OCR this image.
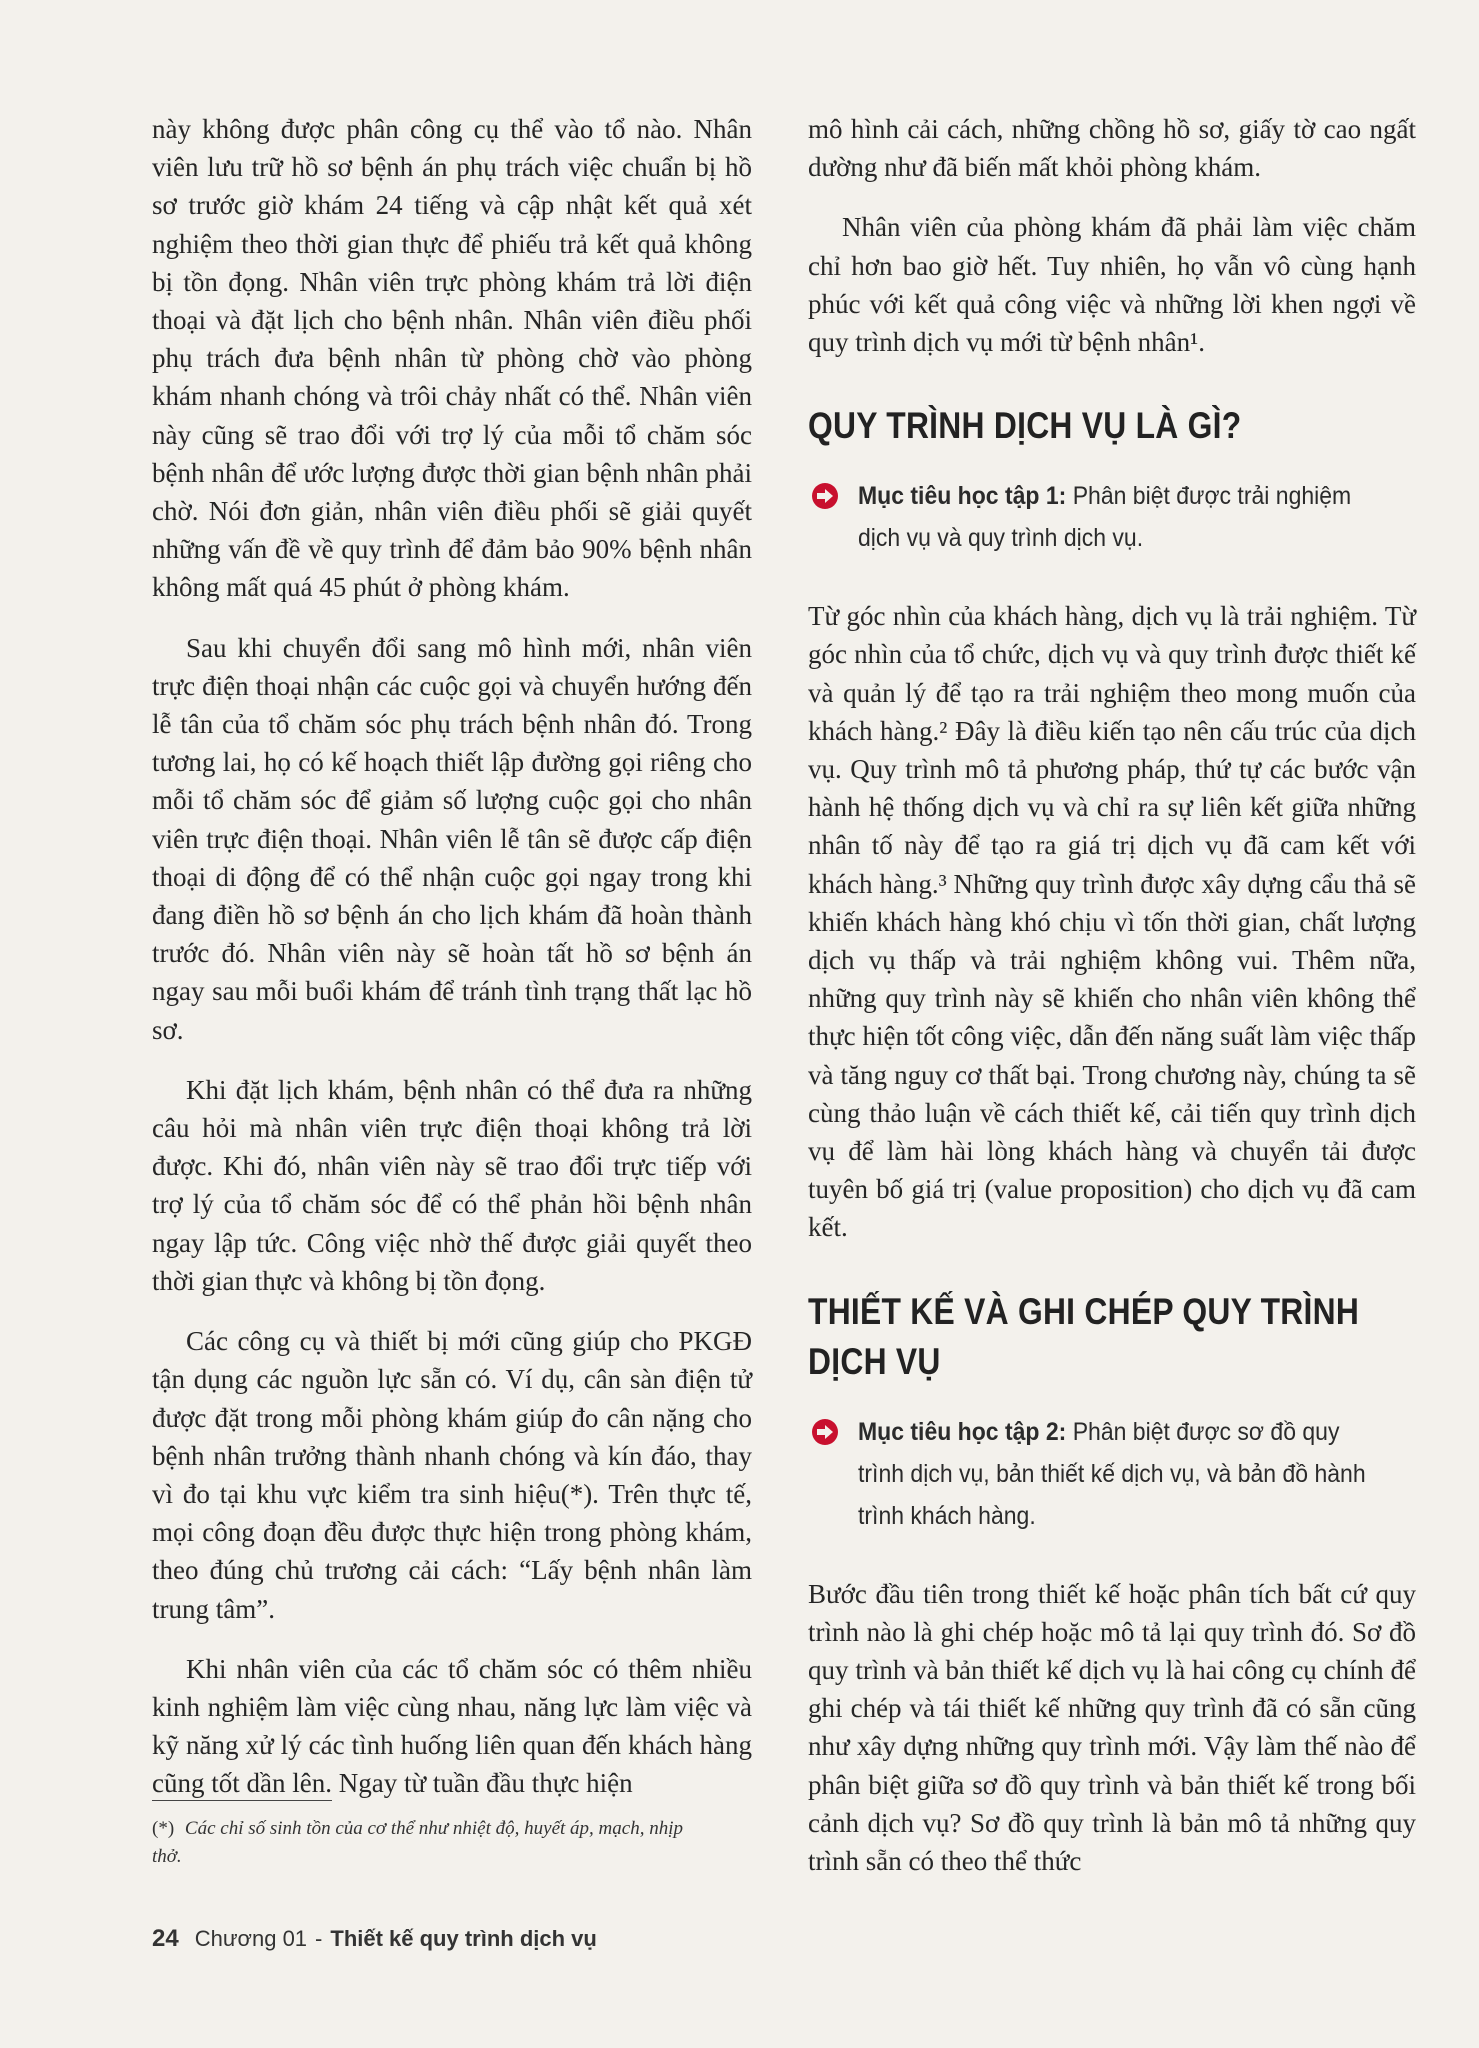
này không được phân công cụ thể vào tổ nào. Nhân viên lưu trữ hồ sơ bệnh án phụ trách việc chuẩn bị hồ sơ trước giờ khám 24 tiếng và cập nhật kết quả xét nghiệm theo thời gian thực để phiếu trả kết quả không bị tồn đọng. Nhân viên trực phòng khám trả lời điện thoại và đặt lịch cho bệnh nhân. Nhân viên điều phối phụ trách đưa bệnh nhân từ phòng chờ vào phòng khám nhanh chóng và trôi chảy nhất có thể. Nhân viên này cũng sẽ trao đổi với trợ lý của mỗi tổ chăm sóc bệnh nhân để ước lượng được thời gian bệnh nhân phải chờ. Nói đơn giản, nhân viên điều phối sẽ giải quyết những vấn đề về quy trình để đảm bảo 90% bệnh nhân không mất quá 45 phút ở phòng khám.

Sau khi chuyển đổi sang mô hình mới, nhân viên trực điện thoại nhận các cuộc gọi và chuyển hướng đến lễ tân của tổ chăm sóc phụ trách bệnh nhân đó. Trong tương lai, họ có kế hoạch thiết lập đường gọi riêng cho mỗi tổ chăm sóc để giảm số lượng cuộc gọi cho nhân viên trực điện thoại. Nhân viên lễ tân sẽ được cấp điện thoại di động để có thể nhận cuộc gọi ngay trong khi đang điền hồ sơ bệnh án cho lịch khám đã hoàn thành trước đó. Nhân viên này sẽ hoàn tất hồ sơ bệnh án ngay sau mỗi buổi khám để tránh tình trạng thất lạc hồ sơ.

Khi đặt lịch khám, bệnh nhân có thể đưa ra những câu hỏi mà nhân viên trực điện thoại không trả lời được. Khi đó, nhân viên này sẽ trao đổi trực tiếp với trợ lý của tổ chăm sóc để có thể phản hồi bệnh nhân ngay lập tức. Công việc nhờ thế được giải quyết theo thời gian thực và không bị tồn đọng.

Các công cụ và thiết bị mới cũng giúp cho PKGĐ tận dụng các nguồn lực sẵn có. Ví dụ, cân sàn điện tử được đặt trong mỗi phòng khám giúp đo cân nặng cho bệnh nhân trưởng thành nhanh chóng và kín đáo, thay vì đo tại khu vực kiểm tra sinh hiệu(*). Trên thực tế, mọi công đoạn đều được thực hiện trong phòng khám, theo đúng chủ trương cải cách: “Lấy bệnh nhân làm trung tâm”.

Khi nhân viên của các tổ chăm sóc có thêm nhiều kinh nghiệm làm việc cùng nhau, năng lực làm việc và kỹ năng xử lý các tình huống liên quan đến khách hàng cũng tốt dần lên. Ngay từ tuần đầu thực hiện

(*) Các chỉ số sinh tồn của cơ thể như nhiệt độ, huyết áp, mạch, nhịp thở.

mô hình cải cách, những chồng hồ sơ, giấy tờ cao ngất dường như đã biến mất khỏi phòng khám.

Nhân viên của phòng khám đã phải làm việc chăm chỉ hơn bao giờ hết. Tuy nhiên, họ vẫn vô cùng hạnh phúc với kết quả công việc và những lời khen ngợi về quy trình dịch vụ mới từ bệnh nhân¹.

QUY TRÌNH DỊCH VỤ LÀ GÌ?
Mục tiêu học tập 1: Phân biệt được trải nghiệm dịch vụ và quy trình dịch vụ.

Từ góc nhìn của khách hàng, dịch vụ là trải nghiệm. Từ góc nhìn của tổ chức, dịch vụ và quy trình được thiết kế và quản lý để tạo ra trải nghiệm theo mong muốn của khách hàng.² Đây là điều kiến tạo nên cấu trúc của dịch vụ. Quy trình mô tả phương pháp, thứ tự các bước vận hành hệ thống dịch vụ và chỉ ra sự liên kết giữa những nhân tố này để tạo ra giá trị dịch vụ đã cam kết với khách hàng.³ Những quy trình được xây dựng cẩu thả sẽ khiến khách hàng khó chịu vì tốn thời gian, chất lượng dịch vụ thấp và trải nghiệm không vui. Thêm nữa, những quy trình này sẽ khiến cho nhân viên không thể thực hiện tốt công việc, dẫn đến năng suất làm việc thấp và tăng nguy cơ thất bại. Trong chương này, chúng ta sẽ cùng thảo luận về cách thiết kế, cải tiến quy trình dịch vụ để làm hài lòng khách hàng và chuyển tải được tuyên bố giá trị (value proposition) cho dịch vụ đã cam kết.

THIẾT KẾ VÀ GHI CHÉP QUY TRÌNH DỊCH VỤ
Mục tiêu học tập 2: Phân biệt được sơ đồ quy trình dịch vụ, bản thiết kế dịch vụ, và bản đồ hành trình khách hàng.

Bước đầu tiên trong thiết kế hoặc phân tích bất cứ quy trình nào là ghi chép hoặc mô tả lại quy trình đó. Sơ đồ quy trình và bản thiết kế dịch vụ là hai công cụ chính để ghi chép và tái thiết kế những quy trình đã có sẵn cũng như xây dựng những quy trình mới. Vậy làm thế nào để phân biệt giữa sơ đồ quy trình và bản thiết kế trong bối cảnh dịch vụ? Sơ đồ quy trình là bản mô tả những quy trình sẵn có theo thể thức

24 Chương 01 - Thiết kế quy trình dịch vụ
